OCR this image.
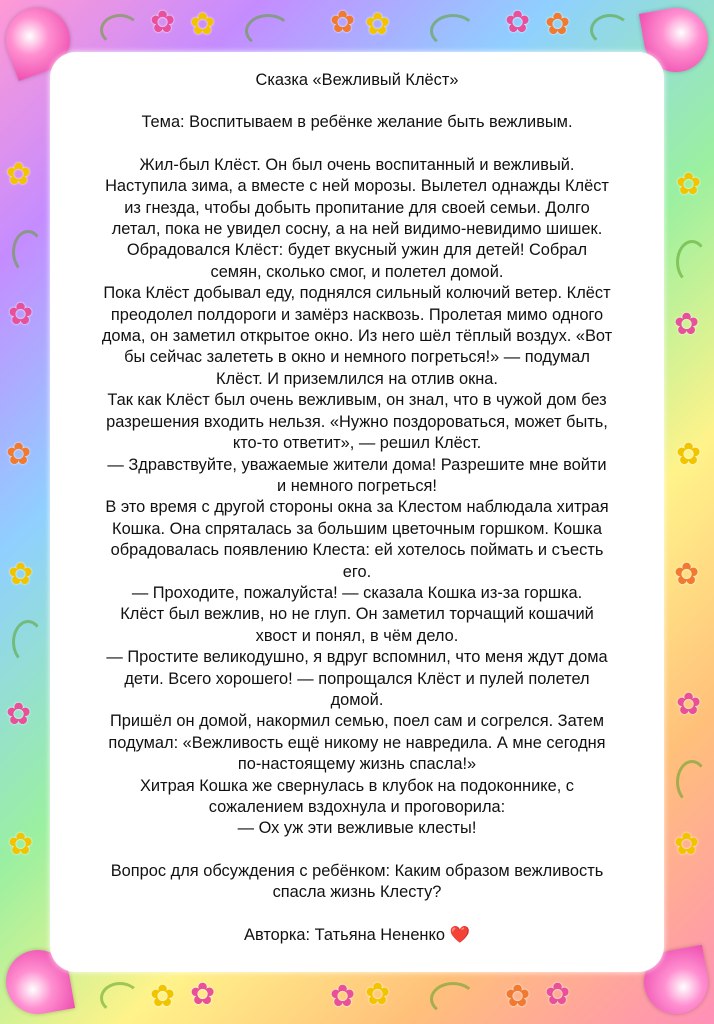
✿ ✿	✿ ✿	✿ ✿
✿ ✿	✿ ✿	✿ ✿
✿
✿
✿
✿
✿
✿
✿
✿
✿
✿
✿
✿

Сказка «Вежливый Клёст»

Тема: Воспитываем в ребёнке желание быть вежливым.

Жил-был Клёст. Он был очень воспитанный и вежливый.

Наступила зима, а вместе с ней морозы. Вылетел однажды Клёст

из гнезда, чтобы добыть пропитание для своей семьи. Долго

летал, пока не увидел сосну, а на ней видимо-невидимо шишек.

Обрадовался Клёст: будет вкусный ужин для детей! Собрал

семян, сколько смог, и полетел домой.

Пока Клёст добывал еду, поднялся сильный колючий ветер. Клёст

преодолел полдороги и замёрз насквозь. Пролетая мимо одного

дома, он заметил открытое окно. Из него шёл тёплый воздух. «Вот

бы сейчас залететь в окно и немного погреться!» — подумал

Клёст. И приземлился на отлив окна.

Так как Клёст был очень вежливым, он знал, что в чужой дом без

разрешения входить нельзя. «Нужно поздороваться, может быть,

кто-то ответит», — решил Клёст.

— Здравствуйте, уважаемые жители дома! Разрешите мне войти

и немного погреться!

В это время с другой стороны окна за Клестом наблюдала хитрая

Кошка. Она спряталась за большим цветочным горшком. Кошка

обрадовалась появлению Клеста: ей хотелось поймать и съесть

его.

— Проходите, пожалуйста! — сказала Кошка из-за горшка.

Клёст был вежлив, но не глуп. Он заметил торчащий кошачий

хвост и понял, в чём дело.

— Простите великодушно, я вдруг вспомнил, что меня ждут дома

дети. Всего хорошего! — попрощался Клёст и пулей полетел

домой.

Пришёл он домой, накормил семью, поел сам и согрелся. Затем

подумал: «Вежливость ещё никому не навредила. А мне сегодня

по-настоящему жизнь спасла!»

Хитрая Кошка же свернулась в клубок на подоконнике, с

сожалением вздохнула и проговорила:

— Ох уж эти вежливые клесты!

Вопрос для обсуждения с ребёнком: Каким образом вежливость

спасла жизнь Клесту?

Авторка: Татьяна Нененко ❤️
